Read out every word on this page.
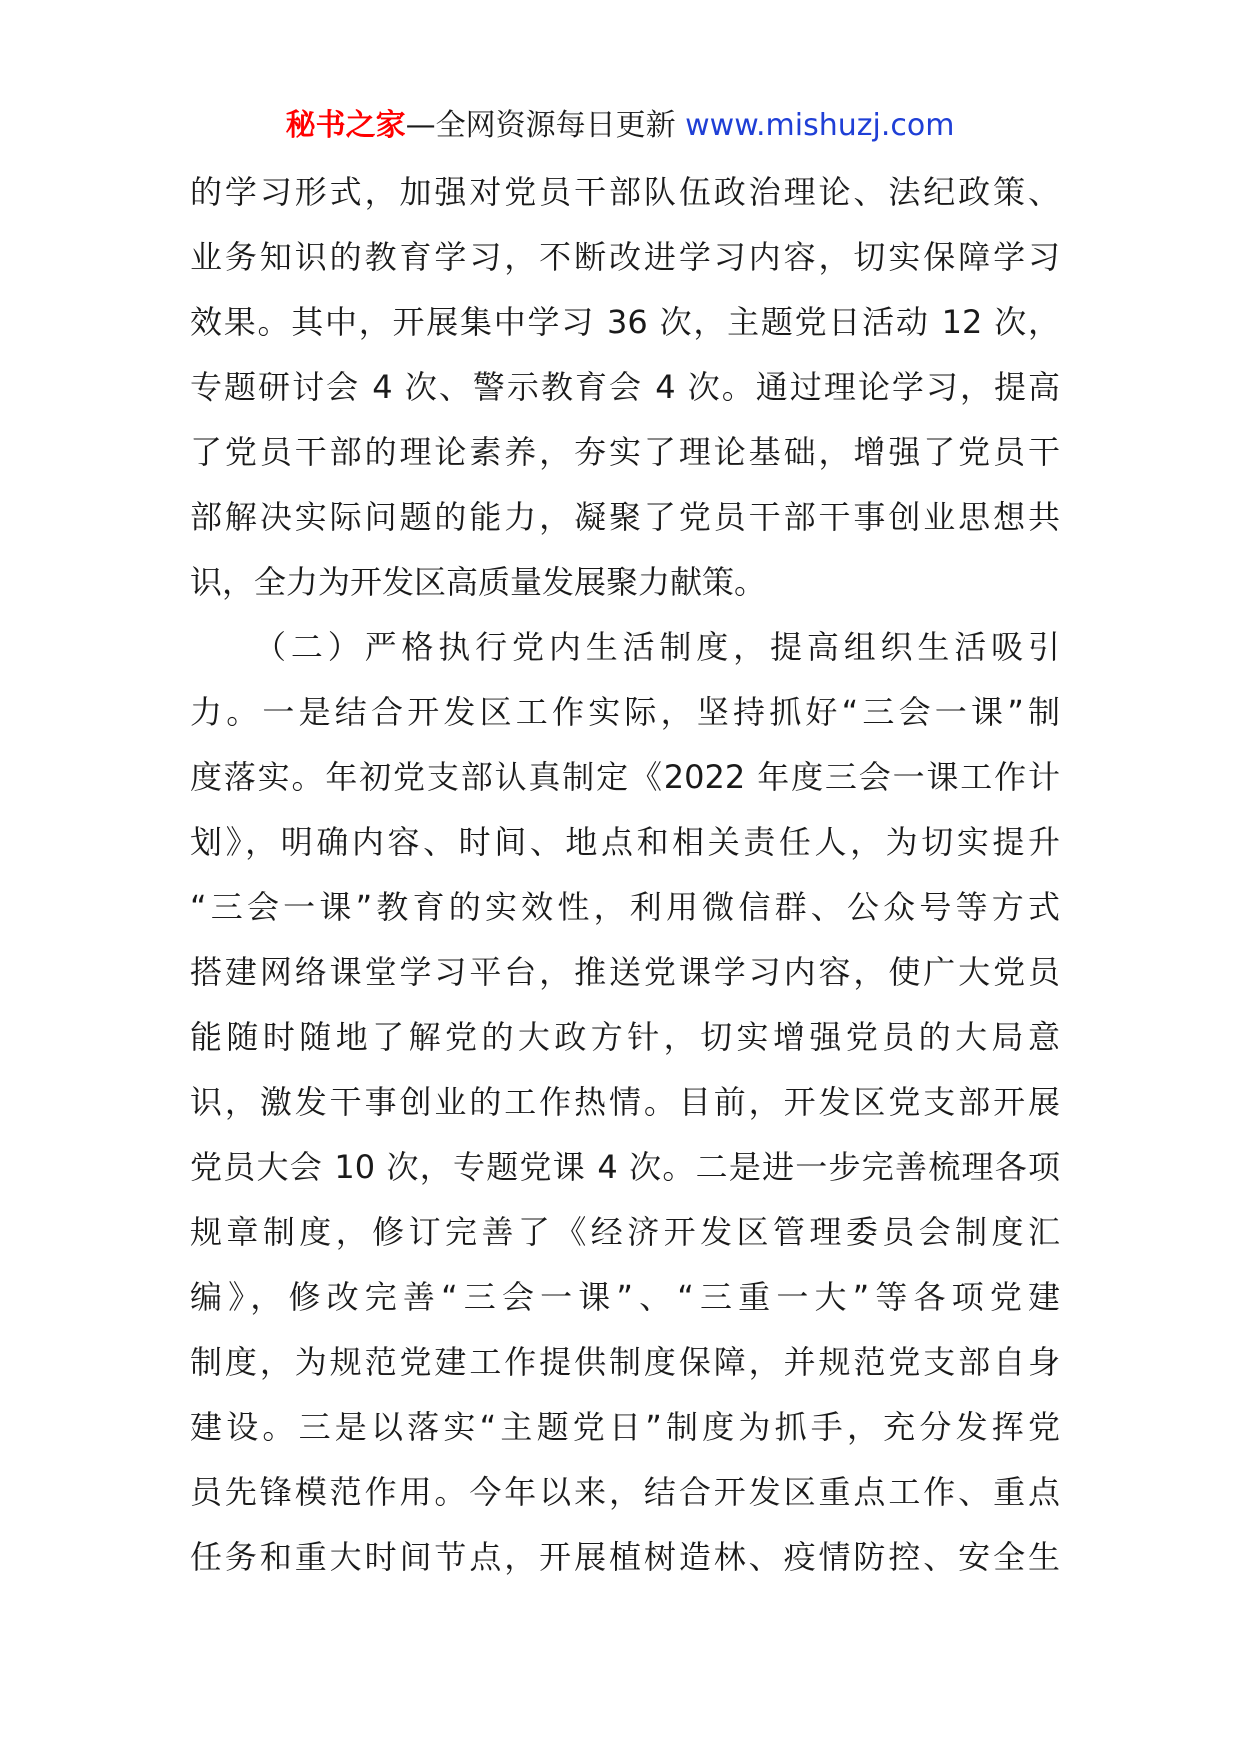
秘书之家—全网资源每日更新 www.mishuzj.com
的学习形式，加强对党员干部队伍政治理论、法纪政策、
业务知识的教育学习，不断改进学习内容，切实保障学习
效果。其中，开展集中学习 36 次，主题党日活动 12 次，
专题研讨会 4 次、警示教育会 4 次。通过理论学习，提高
了党员干部的理论素养，夯实了理论基础，增强了党员干
部解决实际问题的能力，凝聚了党员干部干事创业思想共
识，全力为开发区高质量发展聚力献策。
（二）严格执行党内生活制度，提高组织生活吸引
力。一是结合开发区工作实际，坚持抓好“三会一课”制
度落实。年初党支部认真制定《2022 年度三会一课工作计
划》，明确内容、时间、地点和相关责任人，为切实提升
“三会一课”教育的实效性，利用微信群、公众号等方式
搭建网络课堂学习平台，推送党课学习内容，使广大党员
能随时随地了解党的大政方针，切实增强党员的大局意
识，激发干事创业的工作热情。目前，开发区党支部开展
党员大会 10 次，专题党课 4 次。二是进一步完善梳理各项
规章制度，修订完善了《经济开发区管理委员会制度汇
编》，修改完善“三会一课”、“三重一大”等各项党建
制度，为规范党建工作提供制度保障，并规范党支部自身
建设。三是以落实“主题党日”制度为抓手，充分发挥党
员先锋模范作用。今年以来，结合开发区重点工作、重点
任务和重大时间节点，开展植树造林、疫情防控、安全生
